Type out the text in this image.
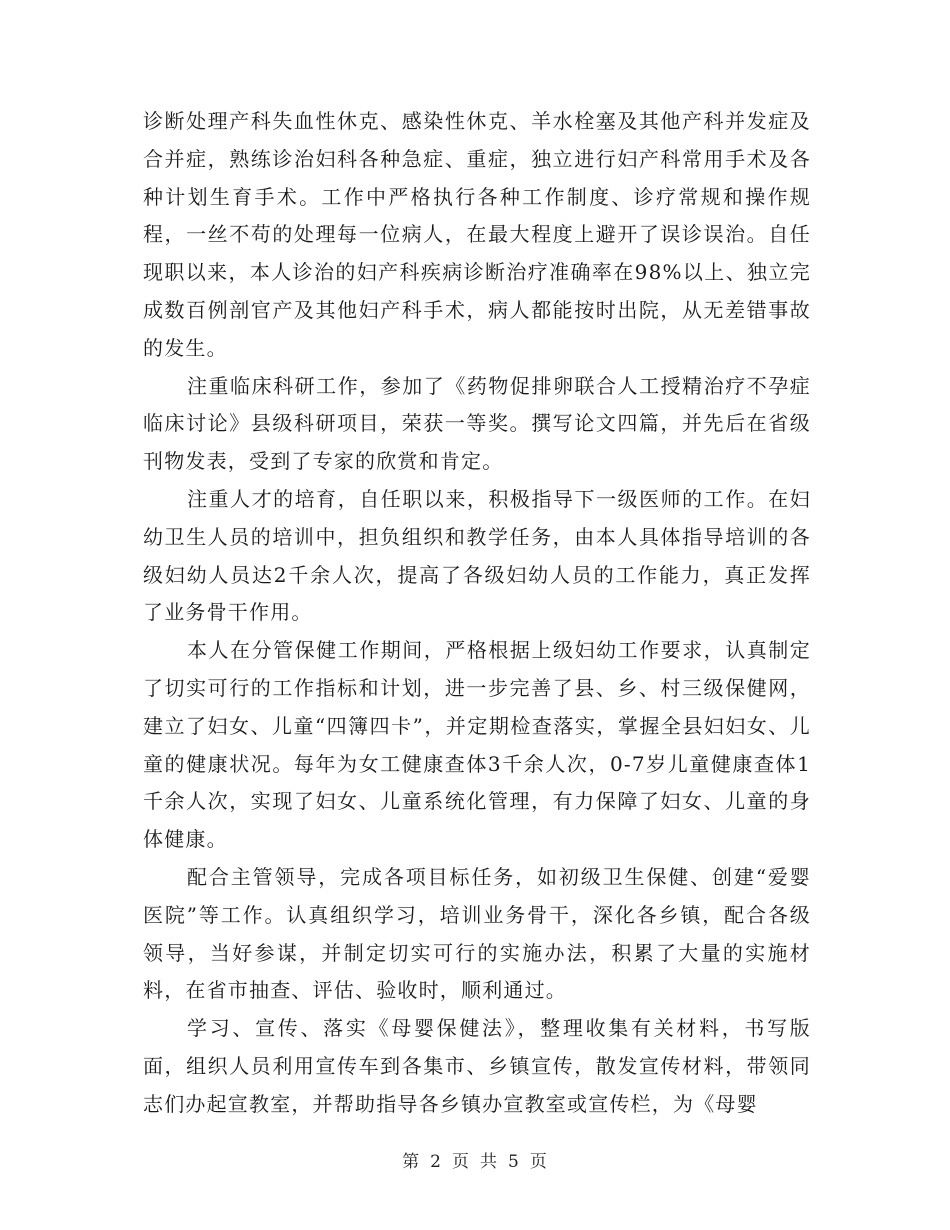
诊断处理产科失血性休克、感染性休克、羊水栓塞及其他产科并发症及合并症，熟练诊治妇科各种急症、重症，独立进行妇产科常用手术及各种计划生育手术。工作中严格执行各种工作制度、诊疗常规和操作规程，一丝不苟的处理每一位病人，在最大程度上避开了误诊误治。自任现职以来，本人诊治的妇产科疾病诊断治疗准确率在98%以上、独立完成数百例剖官产及其他妇产科手术，病人都能按时出院，从无差错事故的发生。

注重临床科研工作，参加了《药物促排卵联合人工授精治疗不孕症临床讨论》县级科研项目，荣获一等奖。撰写论文四篇，并先后在省级刊物发表，受到了专家的欣赏和肯定。

注重人才的培育，自任职以来，积极指导下一级医师的工作。在妇幼卫生人员的培训中，担负组织和教学任务，由本人具体指导培训的各级妇幼人员达2千余人次，提高了各级妇幼人员的工作能力，真正发挥了业务骨干作用。

本人在分管保健工作期间，严格根据上级妇幼工作要求，认真制定了切实可行的工作指标和计划，进一步完善了县、乡、村三级保健网，建立了妇女、儿童“四簿四卡”，并定期检查落实，掌握全县妇妇女、儿童的健康状况。每年为女工健康查体3千余人次，0-7岁儿童健康查体1千余人次，实现了妇女、儿童系统化管理，有力保障了妇女、儿童的身体健康。

配合主管领导，完成各项目标任务，如初级卫生保健、创建“爱婴医院”等工作。认真组织学习，培训业务骨干，深化各乡镇，配合各级领导，当好参谋，并制定切实可行的实施办法，积累了大量的实施材料，在省市抽查、评估、验收时，顺利通过。

学习、宣传、落实《母婴保健法》，整理收集有关材料，书写版面，组织人员利用宣传车到各集市、乡镇宣传，散发宣传材料，带领同志们办起宣教室，并帮助指导各乡镇办宣教室或宣传栏，为《母婴

第 2 页 共 5 页
